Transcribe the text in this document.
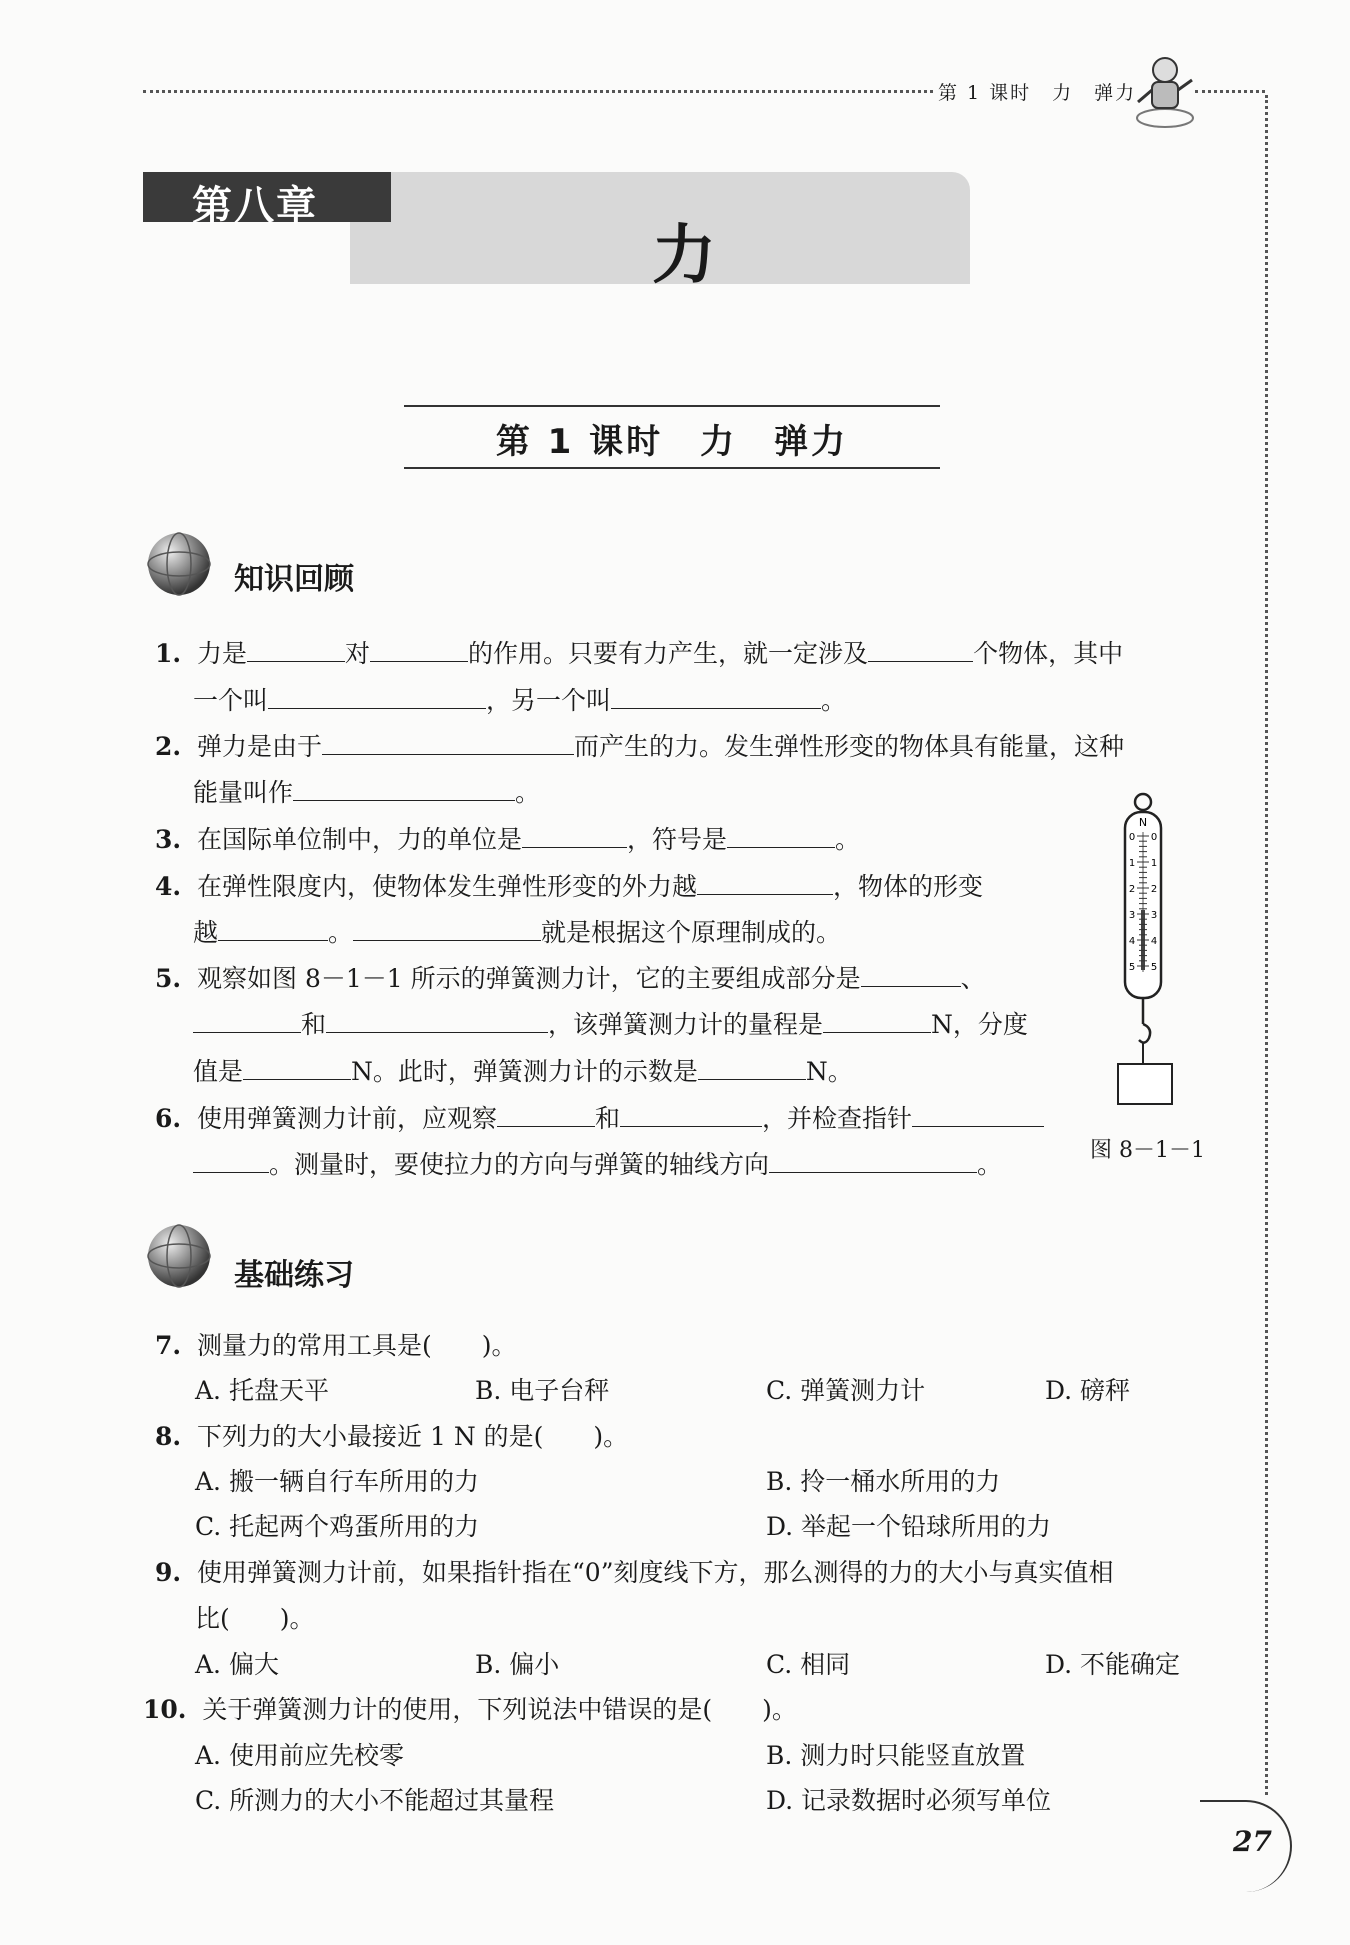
第 1 课时　力　弹力
第八章
力
第 1 课时　力　弹力
知识回顾
1. 力是	对	的作用。只要有力产生，就一定涉及	个物体，其中
一个叫	，另一个叫	。
2. 弹力是由于	而产生的力。发生弹性形变的物体具有能量，这种
能量叫作	。
3. 在国际单位制中，力的单位是	，符号是	。
4. 在弹性限度内，使物体发生弹性形变的外力越	，物体的形变
越	。	就是根据这个原理制成的。
5. 观察如图 8－1－1 所示的弹簧测力计，它的主要组成部分是	、
和	，该弹簧测力计的量程是	N，分度
值是	N。此时，弹簧测力计的示数是	N。
6. 使用弹簧测力计前，应观察	和	，并检查指针
。测量时，要使拉力的方向与弹簧的轴线方向	。
N
0 0
1 1
2 2
3 3
4 4
5 5
图 8－1－1
基础练习
7. 测量力的常用工具是(　　)。
A. 托盘天平	B. 电子台秤	C. 弹簧测力计	D. 磅秤
8. 下列力的大小最接近 1 N 的是(　　)。
A. 搬一辆自行车所用的力	B. 拎一桶水所用的力
C. 托起两个鸡蛋所用的力	D. 举起一个铅球所用的力
9. 使用弹簧测力计前，如果指针指在“0”刻度线下方，那么测得的力的大小与真实值相
比(　　)。
A. 偏大	B. 偏小	C. 相同	D. 不能确定
10. 关于弹簧测力计的使用，下列说法中错误的是(　　)。
A. 使用前应先校零	B. 测力时只能竖直放置
C. 所测力的大小不能超过其量程	D. 记录数据时必须写单位
27
